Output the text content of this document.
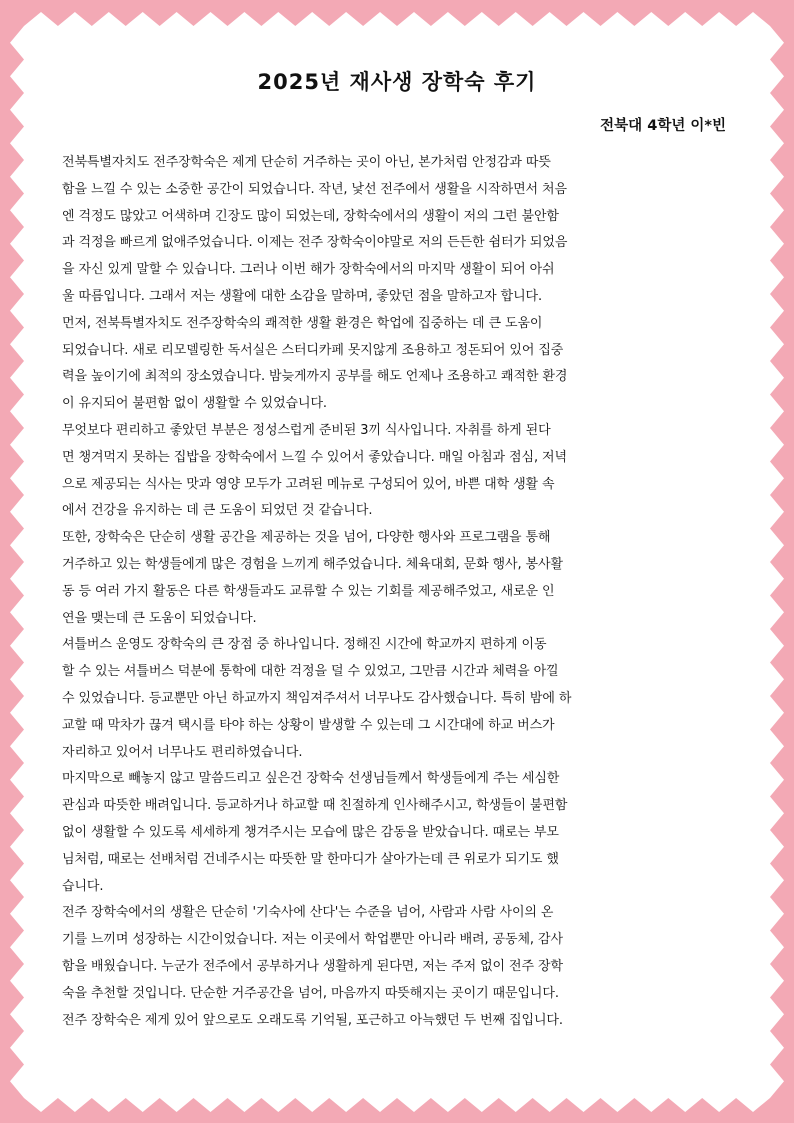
2025년 재사생 장학숙 후기
전북대 4학년 이*빈
전북특별자치도 전주장학숙은 제게 단순히 거주하는 곳이 아닌, 본가처럼 안정감과 따뜻
함을 느낄 수 있는 소중한 공간이 되었습니다. 작년, 낯선 전주에서 생활을 시작하면서 처음
엔 걱정도 많았고 어색하며 긴장도 많이 되었는데, 장학숙에서의 생활이 저의 그런 불안함
과 걱정을 빠르게 없애주었습니다. 이제는 전주 장학숙이야말로 저의 든든한 쉼터가 되었음
을 자신 있게 말할 수 있습니다. 그러나 이번 해가 장학숙에서의 마지막 생활이 되어 아쉬
울 따름입니다. 그래서 저는 생활에 대한 소감을 말하며, 좋았던 점을 말하고자 합니다.
먼저, 전북특별자치도 전주장학숙의 쾌적한 생활 환경은 학업에 집중하는 데 큰 도움이
되었습니다. 새로 리모델링한 독서실은 스터디카페 못지않게 조용하고 정돈되어 있어 집중
력을 높이기에 최적의 장소였습니다. 밤늦게까지 공부를 해도 언제나 조용하고 쾌적한 환경
이 유지되어 불편함 없이 생활할 수 있었습니다.
무엇보다 편리하고 좋았던 부분은 정성스럽게 준비된 3끼 식사입니다. 자취를 하게 된다
면 챙겨먹지 못하는 집밥을 장학숙에서 느낄 수 있어서 좋았습니다. 매일 아침과 점심, 저녁
으로 제공되는 식사는 맛과 영양 모두가 고려된 메뉴로 구성되어 있어, 바쁜 대학 생활 속
에서 건강을 유지하는 데 큰 도움이 되었던 것 같습니다.
또한, 장학숙은 단순히 생활 공간을 제공하는 것을 넘어, 다양한 행사와 프로그램을 통해
거주하고 있는 학생들에게 많은 경험을 느끼게 해주었습니다. 체육대회, 문화 행사, 봉사활
동 등 여러 가지 활동은 다른 학생들과도 교류할 수 있는 기회를 제공해주었고, 새로운 인
연을 맺는데 큰 도움이 되었습니다.
셔틀버스 운영도 장학숙의 큰 장점 중 하나입니다. 정해진 시간에 학교까지 편하게 이동
할 수 있는 셔틀버스 덕분에 통학에 대한 걱정을 덜 수 있었고, 그만큼 시간과 체력을 아낄
수 있었습니다. 등교뿐만 아닌 하교까지 책임져주셔서 너무나도 감사했습니다. 특히 밤에 하
교할 때 막차가 끊겨 택시를 타야 하는 상황이 발생할 수 있는데 그 시간대에 하교 버스가
자리하고 있어서 너무나도 편리하였습니다.
마지막으로 빼놓지 않고 말씀드리고 싶은건 장학숙 선생님들께서 학생들에게 주는 세심한
관심과 따뜻한 배려입니다. 등교하거나 하교할 때 친절하게 인사해주시고, 학생들이 불편함
없이 생활할 수 있도록 세세하게 챙겨주시는 모습에 많은 감동을 받았습니다. 때로는 부모
님처럼, 때로는 선배처럼 건네주시는 따뜻한 말 한마디가 살아가는데 큰 위로가 되기도 했
습니다.
전주 장학숙에서의 생활은 단순히 '기숙사에 산다'는 수준을 넘어, 사람과 사람 사이의 온
기를 느끼며 성장하는 시간이었습니다. 저는 이곳에서 학업뿐만 아니라 배려, 공동체, 감사
함을 배웠습니다. 누군가 전주에서 공부하거나 생활하게 된다면, 저는 주저 없이 전주 장학
숙을 추천할 것입니다. 단순한 거주공간을 넘어, 마음까지 따뜻해지는 곳이기 때문입니다.
전주 장학숙은 제게 있어 앞으로도 오래도록 기억될, 포근하고 아늑했던 두 번째 집입니다.
